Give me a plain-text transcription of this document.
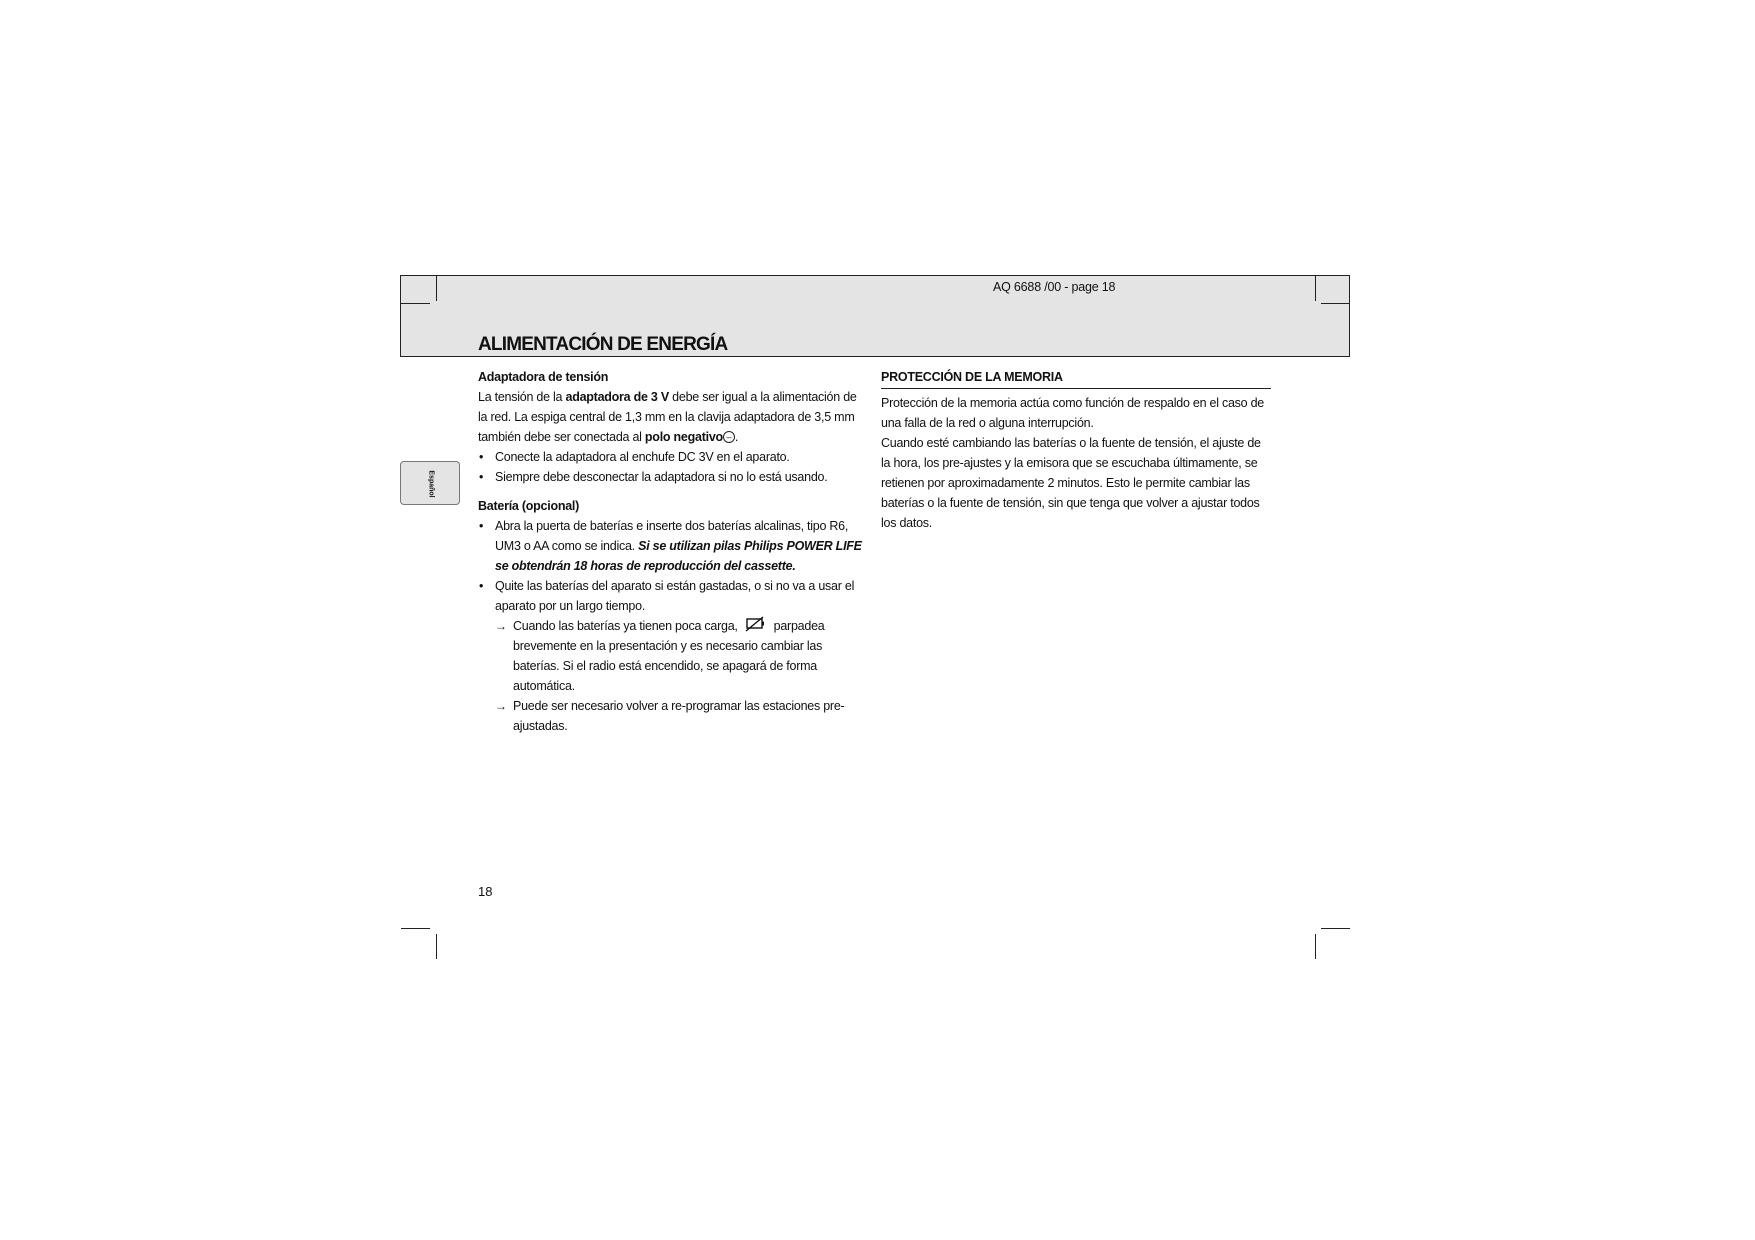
AQ 6688 /00 - page 18
ALIMENTACIÓN DE ENERGÍA
Español
Adaptadora de tensión

La tensión de la adaptadora de 3 V debe ser igual a la alimentación de la red. La espiga central de 1,3 mm en la clavija adaptadora de 3,5 mm también debe ser conectada al polo negativo – .

• Conecte la adaptadora al enchufe DC 3V en el aparato.
• Siempre debe desconectar la adaptadora si no lo está usando.
Batería (opcional)
• Abra la puerta de baterías e inserte dos baterías alcalinas, tipo R6, UM3 o AA como se indica. Si se utilizan pilas Philips POWER LIFE se obtendrán 18 horas de reproducción del cassette.
• Quite las baterías del aparato si están gastadas, o si no va a usar el aparato por un largo tiempo.
→ Cuando las baterías ya tienen poca carga,	parpadea brevemente en la presentación y es necesario cambiar las baterías. Si el radio está encendido, se apagará de forma automática.
→ Puede ser necesario volver a re-programar las estaciones pre-ajustadas.
PROTECCIÓN DE LA MEMORIA

Protección de la memoria actúa como función de respaldo en el caso de una falla de la red o alguna interrupción.

Cuando esté cambiando las baterías o la fuente de tensión, el ajuste de la hora, los pre-ajustes y la emisora que se escuchaba últimamente, se retienen por aproximadamente 2 minutos. Esto le permite cambiar las baterías o la fuente de tensión, sin que tenga que volver a ajustar todos los datos.

18
